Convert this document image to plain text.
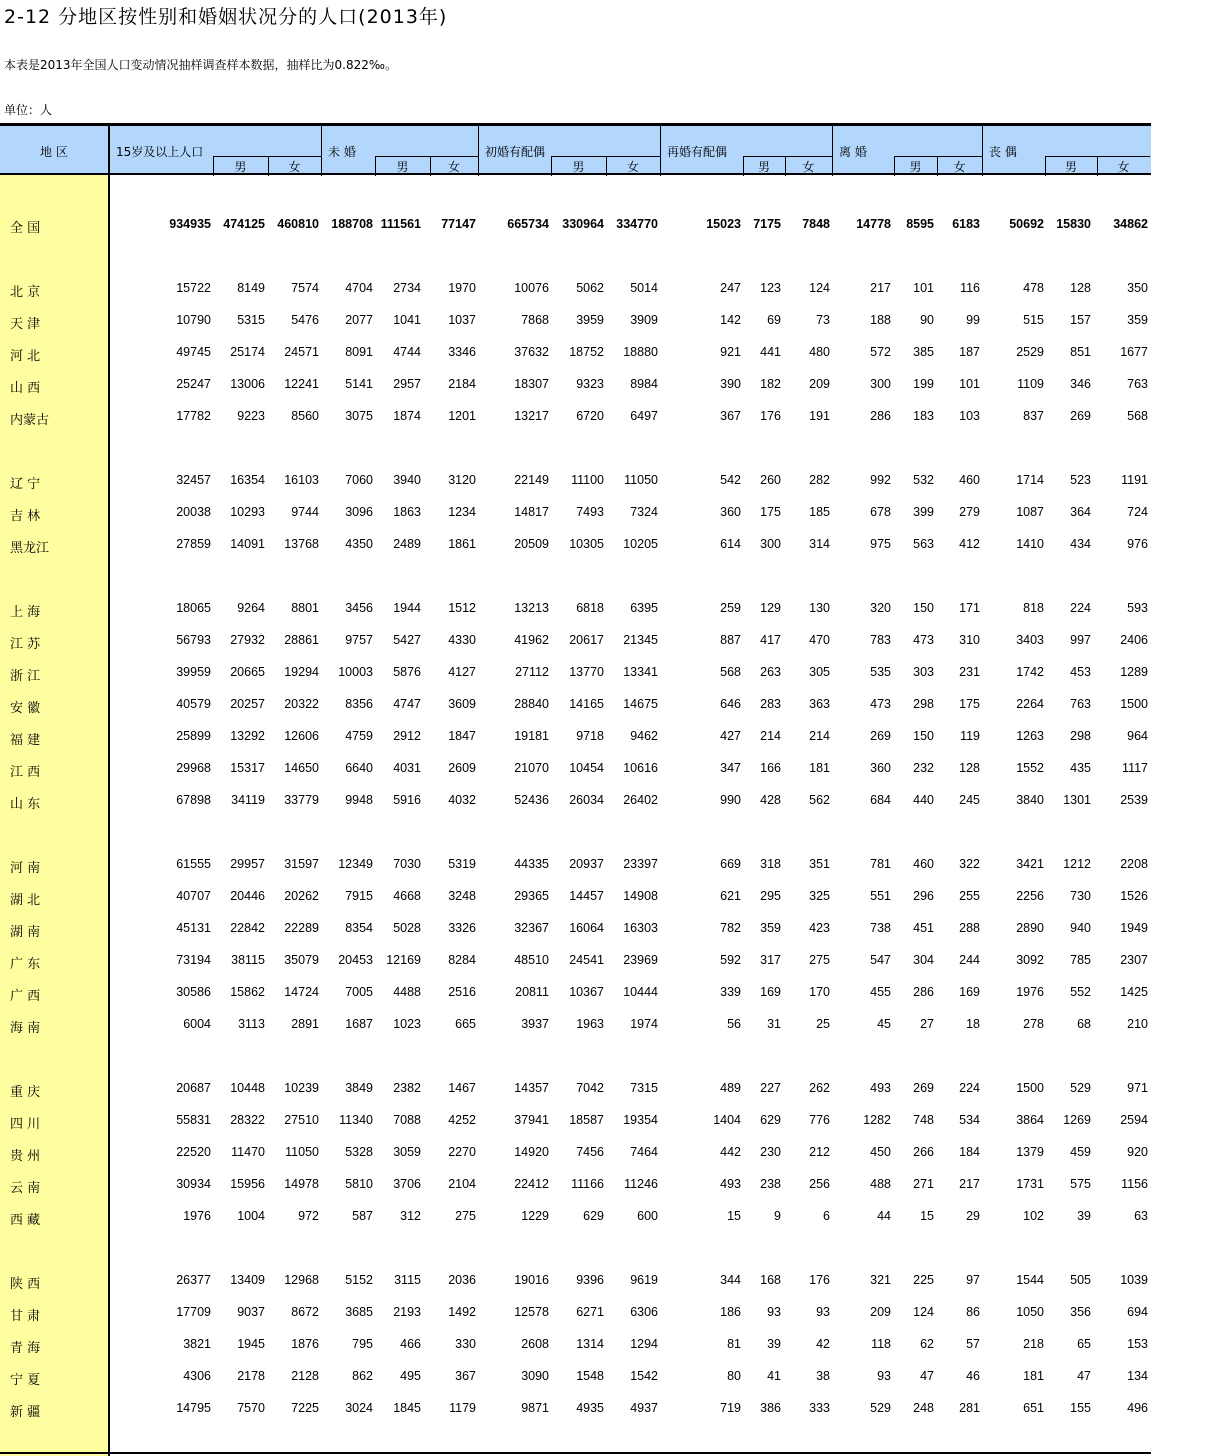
2-12 分地区按性别和婚姻状况分的人口(2013年)
本表是2013年全国人口变动情况抽样调查样本数据，抽样比为0.822‰。
单位：人
地 区	15岁及以上人口
男	女
未 婚
男	女
初婚有配偶
男	女
再婚有配偶
男	女
离 婚
男	女
丧 偶
男	女
全 国	934935 474125 460810 188708 111561	77147	665734	330964 334770	15023 7175	7848	14778	8595	6183	50692 15830	34862
北 京	15722	8149	7574	4704	2734	1970	10076	5062	5014	247	123	124	217	101	116	478	128	350
天 津	10790	5315	5476	2077	1041	1037	7868	3959	3909	142	69	73	188	90	99	515	157	359
河 北	49745	25174	24571	8091	4744	3346	37632	18752	18880	921	441	480	572	385	187	2529	851	1677
山 西	25247	13006	12241	5141	2957	2184	18307	9323	8984	390	182	209	300	199	101	1109	346	763
内蒙古	17782	9223	8560	3075	1874	1201	13217	6720	6497	367	176	191	286	183	103	837	269	568
辽 宁	32457	16354	16103	7060	3940	3120	22149	11100	11050	542	260	282	992	532	460	1714	523	1191
吉 林	20038	10293	9744	3096	1863	1234	14817	7493	7324	360	175	185	678	399	279	1087	364	724
黑龙江	27859	14091	13768	4350	2489	1861	20509	10305	10205	614	300	314	975	563	412	1410	434	976
上 海	18065	9264	8801	3456	1944	1512	13213	6818	6395	259	129	130	320	150	171	818	224	593
江 苏	56793	27932	28861	9757	5427	4330	41962	20617	21345	887	417	470	783	473	310	3403	997	2406
浙 江	39959	20665	19294	10003	5876	4127	27112	13770	13341	568	263	305	535	303	231	1742	453	1289
安 徽	40579	20257	20322	8356	4747	3609	28840	14165	14675	646	283	363	473	298	175	2264	763	1500
福 建	25899	13292	12606	4759	2912	1847	19181	9718	9462	427	214	214	269	150	119	1263	298	964
江 西	29968	15317	14650	6640	4031	2609	21070	10454	10616	347	166	181	360	232	128	1552	435	1117
山 东	67898	34119	33779	9948	5916	4032	52436	26034	26402	990	428	562	684	440	245	3840	1301	2539
河 南	61555	29957	31597	12349	7030	5319	44335	20937	23397	669	318	351	781	460	322	3421	1212	2208
湖 北	40707	20446	20262	7915	4668	3248	29365	14457	14908	621	295	325	551	296	255	2256	730	1526
湖 南	45131	22842	22289	8354	5028	3326	32367	16064	16303	782	359	423	738	451	288	2890	940	1949
广 东	73194	38115	35079	20453	12169	8284	48510	24541	23969	592	317	275	547	304	244	3092	785	2307
广 西	30586	15862	14724	7005	4488	2516	20811	10367	10444	339	169	170	455	286	169	1976	552	1425
海 南	6004	3113	2891	1687	1023	665	3937	1963	1974	56	31	25	45	27	18	278	68	210
重 庆	20687	10448	10239	3849	2382	1467	14357	7042	7315	489	227	262	493	269	224	1500	529	971
四 川	55831	28322	27510	11340	7088	4252	37941	18587	19354	1404	629	776	1282	748	534	3864	1269	2594
贵 州	22520	11470	11050	5328	3059	2270	14920	7456	7464	442	230	212	450	266	184	1379	459	920
云 南	30934	15956	14978	5810	3706	2104	22412	11166	11246	493	238	256	488	271	217	1731	575	1156
西 藏	1976	1004	972	587	312	275	1229	629	600	15	9	6	44	15	29	102	39	63
陕 西	26377	13409	12968	5152	3115	2036	19016	9396	9619	344	168	176	321	225	97	1544	505	1039
甘 肃	17709	9037	8672	3685	2193	1492	12578	6271	6306	186	93	93	209	124	86	1050	356	694
青 海	3821	1945	1876	795	466	330	2608	1314	1294	81	39	42	118	62	57	218	65	153
宁 夏	4306	2178	2128	862	495	367	3090	1548	1542	80	41	38	93	47	46	181	47	134
新 疆	14795	7570	7225	3024	1845	1179	9871	4935	4937	719	386	333	529	248	281	651	155	496
